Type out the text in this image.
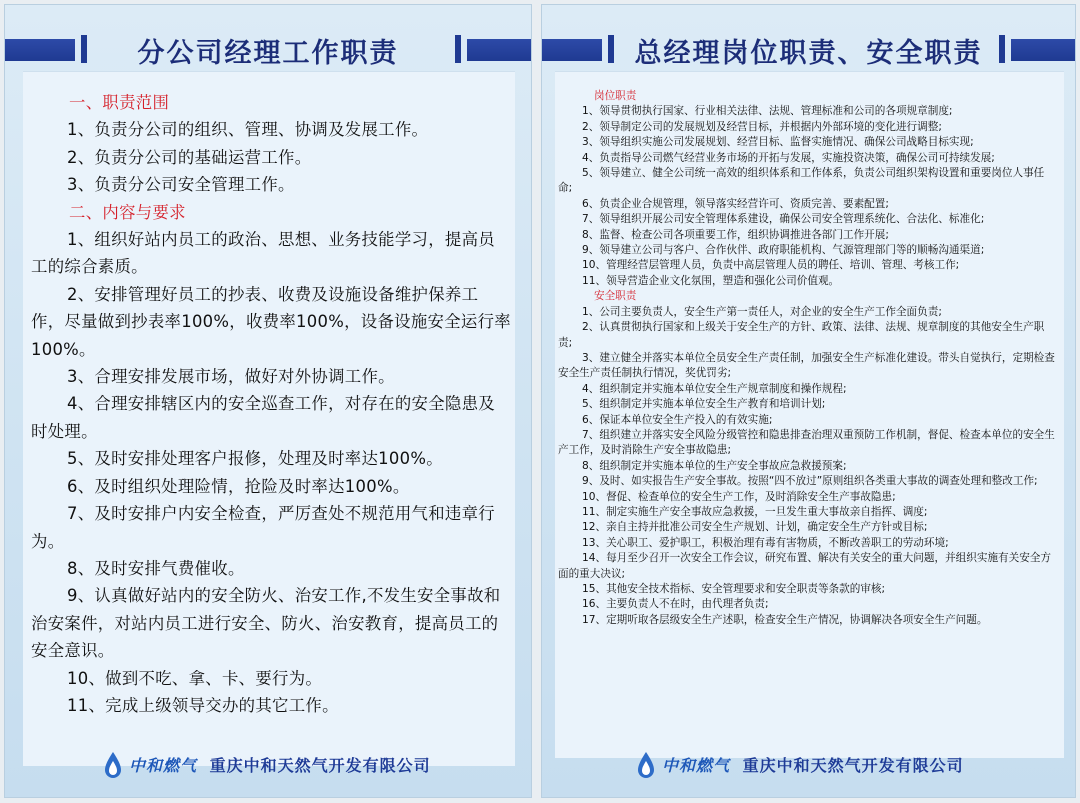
分公司经理工作职责

一、职责范围

1、负责分公司的组织、管理、协调及发展工作。

2、负责分公司的基础运营工作。

3、负责分公司安全管理工作。

二、内容与要求

1、组织好站内员工的政治、思想、业务技能学习，提高员工的综合素质。

2、安排管理好员工的抄表、收费及设施设备维护保养工作，尽量做到抄表率100%，收费率100%，设备设施安全运行率100%。

3、合理安排发展市场，做好对外协调工作。

4、合理安排辖区内的安全巡查工作，对存在的安全隐患及时处理。

5、及时安排处理客户报修，处理及时率达100%。

6、及时组织处理险情，抢险及时率达100%。

7、及时安排户内安全检查，严厉查处不规范用气和违章行为。

8、及时安排气费催收。

9、认真做好站内的安全防火、治安工作,不发生安全事故和治安案件，对站内员工进行安全、防火、治安教育，提高员工的安全意识。

10、做到不吃、拿、卡、要行为。

11、完成上级领导交办的其它工作。

中和燃气 重庆中和天然气开发有限公司
总经理岗位职责、安全职责

岗位职责

1、领导贯彻执行国家、行业相关法律、法规、管理标准和公司的各项规章制度;

2、领导制定公司的发展规划及经营目标，并根据内外部环境的变化进行调整;

3、领导组织实施公司发展规划、经营目标、监督实施情况、确保公司战略目标实现;

4、负责指导公司燃气经营业务市场的开拓与发展，实施投资决策，确保公司可持续发展;

5、领导建立、健全公司统一高效的组织体系和工作体系，负责公司组织架构设置和重要岗位人事任命;

6、负责企业合规管理，领导落实经营许可、资质完善、要素配置;

7、领导组织开展公司安全管理体系建设，确保公司安全管理系统化、合法化、标准化;

8、监督、检查公司各项重要工作，组织协调推进各部门工作开展;

9、领导建立公司与客户、合作伙伴、政府职能机构、气源管理部门等的顺畅沟通渠道;

10、管理经营层管理人员，负责中高层管理人员的聘任、培训、管理、考核工作;

11、领导营造企业文化氛围，塑造和强化公司价值观。

安全职责

1、公司主要负责人，安全生产第一责任人，对企业的安全生产工作全面负责;

2、认真贯彻执行国家和上级关于安全生产的方针、政策、法律、法规、规章制度的其他安全生产职责;

3、建立健全并落实本单位全员安全生产责任制，加强安全生产标准化建设。带头自觉执行，定期检查安全生产责任制执行情况，奖优罚劣;

4、组织制定并实施本单位安全生产规章制度和操作规程;

5、组织制定并实施本单位安全生产教育和培训计划;

6、保证本单位安全生产投入的有效实施;

7、组织建立并落实安全风险分级管控和隐患排查治理双重预防工作机制，督促、检查本单位的安全生产工作，及时消除生产安全事故隐患;

8、组织制定并实施本单位的生产安全事故应急救援预案;

9、及时、如实报告生产安全事故。按照“四不放过”原则组织各类重大事故的调查处理和整改工作;

10、督促、检查单位的安全生产工作，及时消除安全生产事故隐患;

11、制定实施生产安全事故应急救援，一旦发生重大事故亲自指挥、调度;

12、亲自主持并批准公司安全生产规划、计划，确定安全生产方针或目标;

13、关心职工、爱护职工，积极治理有毒有害物质，不断改善职工的劳动环境;

14、每月至少召开一次安全工作会议，研究布置、解决有关安全的重大问题，并组织实施有关安全方面的重大决议;

15、其他安全技术指标、安全管理要求和安全职责等条款的审核;

16、主要负责人不在时，由代理者负责;

17、定期听取各层级安全生产述职，检查安全生产情况，协调解决各项安全生产问题。

中和燃气 重庆中和天然气开发有限公司
